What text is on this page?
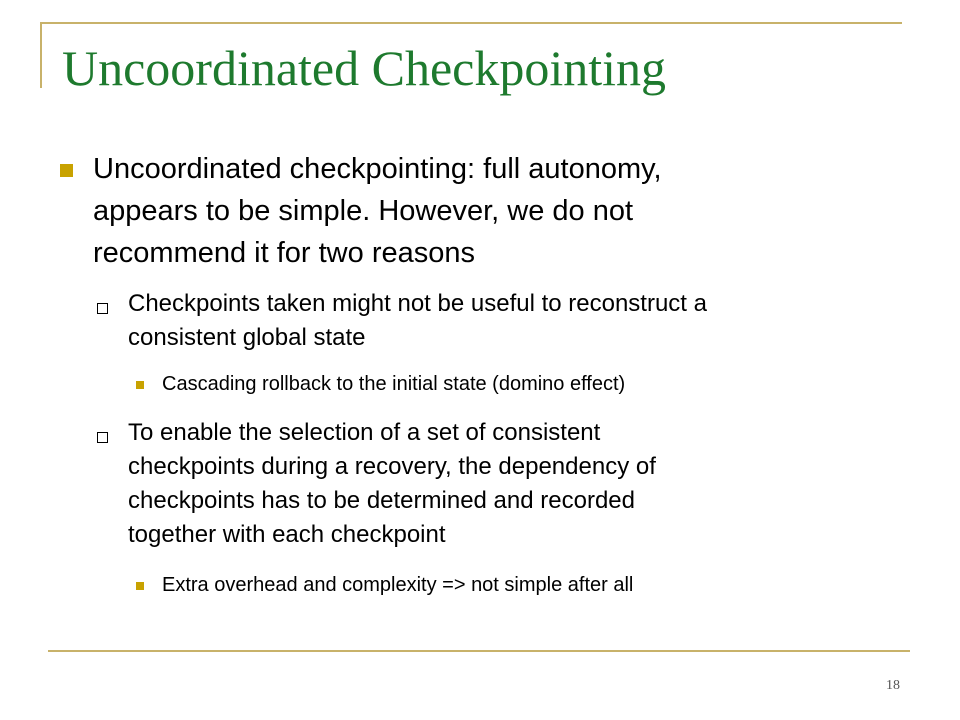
Uncoordinated Checkpointing
Uncoordinated checkpointing: full autonomy,
appears to be simple. However, we do not
recommend it for two reasons
Checkpoints taken might not be useful to reconstruct a
consistent global state
Cascading rollback to the initial state (domino effect)
To enable the selection of a set of consistent
checkpoints during a recovery, the dependency of
checkpoints has to be determined and recorded
together with each checkpoint
Extra overhead and complexity => not simple after all
18
